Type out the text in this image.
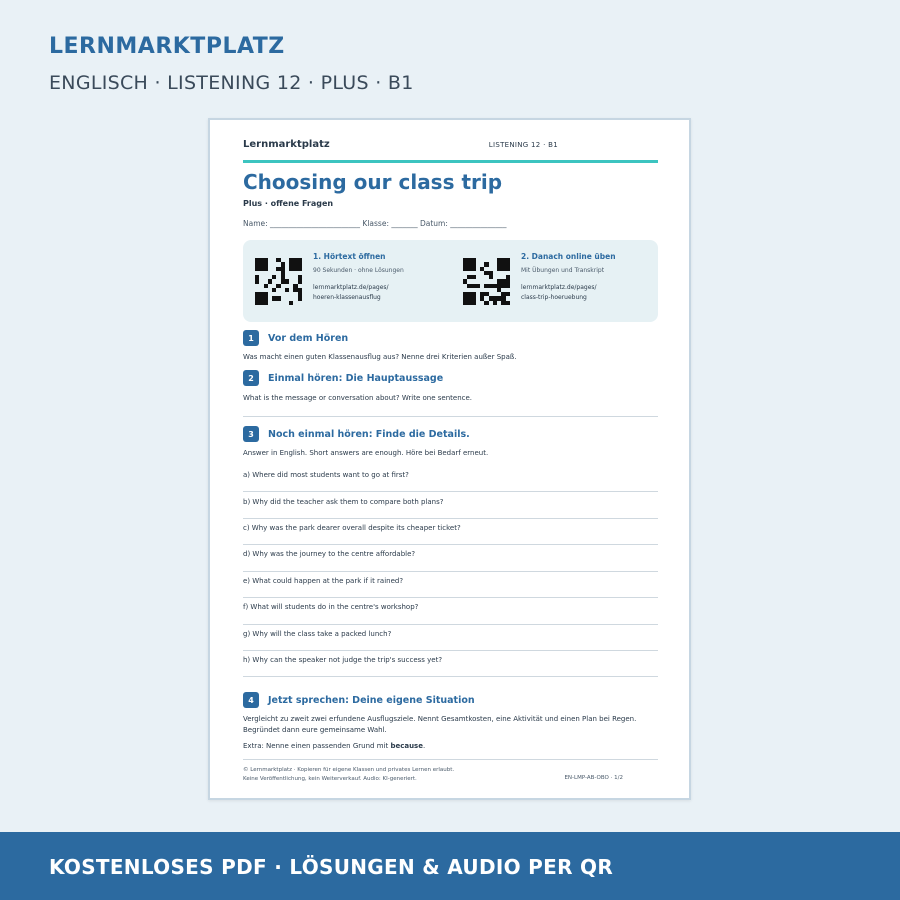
LERNMARKTPLATZ
ENGLISCH · LISTENING 12 · PLUS · B1
Lernmarktplatz	LISTENING 12 · B1
Choosing our class trip
Plus · offene Fragen
Name: ________________________ Klasse: _______ Datum: _______________
1. Hörtext öffnen
90 Sekunden · ohne Lösungen
lernmarktplatz.de/pages/
hoeren-klassenausflug
2. Danach online üben
Mit Übungen und Transkript
lernmarktplatz.de/pages/
class-trip-hoeruebung
1	Vor dem Hören
Was macht einen guten Klassenausflug aus? Nenne drei Kriterien außer Spaß.
2	Einmal hören: Die Hauptaussage
What is the message or conversation about? Write one sentence.
3	Noch einmal hören: Finde die Details.
Answer in English. Short answers are enough. Höre bei Bedarf erneut.
a) Where did most students want to go at first?
b) Why did the teacher ask them to compare both plans?
c) Why was the park dearer overall despite its cheaper ticket?
d) Why was the journey to the centre affordable?
e) What could happen at the park if it rained?
f) What will students do in the centre's workshop?
g) Why will the class take a packed lunch?
h) Why can the speaker not judge the trip's success yet?
4	Jetzt sprechen: Deine eigene Situation
Vergleicht zu zweit zwei erfundene Ausflugsziele. Nennt Gesamtkosten, eine Aktivität und einen Plan bei Regen. Begründet dann eure gemeinsame Wahl.
Extra: Nenne einen passenden Grund mit because.
© Lernmarktplatz · Kopieren für eigene Klassen und privates Lernen erlaubt.
Keine Veröffentlichung, kein Weiterverkauf. Audio: KI-generiert.	EN-LMP-AB-OBO · 1/2
KOSTENLOSES PDF · LÖSUNGEN & AUDIO PER QR
